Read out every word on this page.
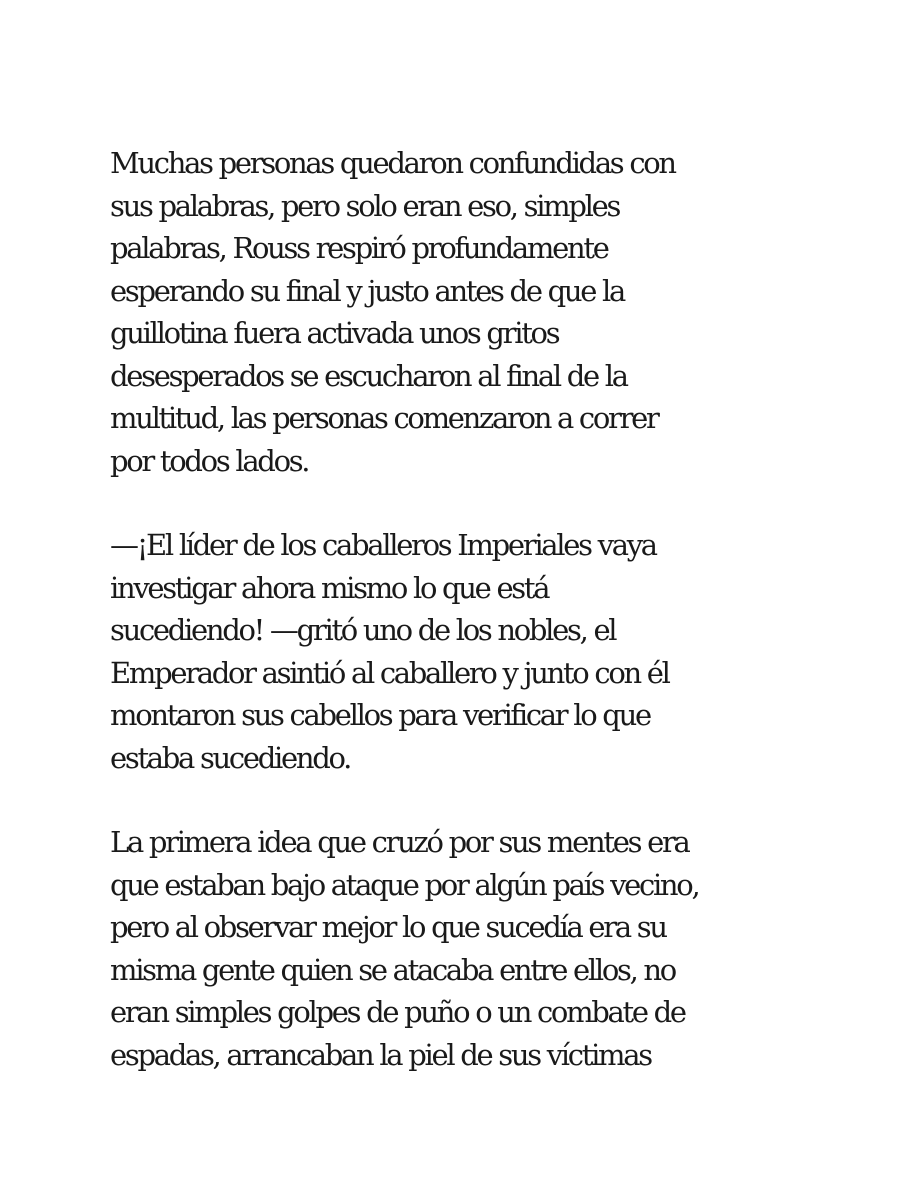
Muchas personas quedaron confundidas con
sus palabras, pero solo eran eso, simples
palabras, Rouss respiró profundamente
esperando su final y justo antes de que la
guillotina fuera activada unos gritos
desesperados se escucharon al final de la
multitud, las personas comenzaron a correr
por todos lados.

—¡El líder de los caballeros Imperiales vaya
investigar ahora mismo lo que está
sucediendo! —gritó uno de los nobles, el
Emperador asintió al caballero y junto con él
montaron sus cabellos para verificar lo que
estaba sucediendo.

La primera idea que cruzó por sus mentes era
que estaban bajo ataque por algún país vecino,
pero al observar mejor lo que sucedía era su
misma gente quien se atacaba entre ellos, no
eran simples golpes de puño o un combate de
espadas, arrancaban la piel de sus víctimas
